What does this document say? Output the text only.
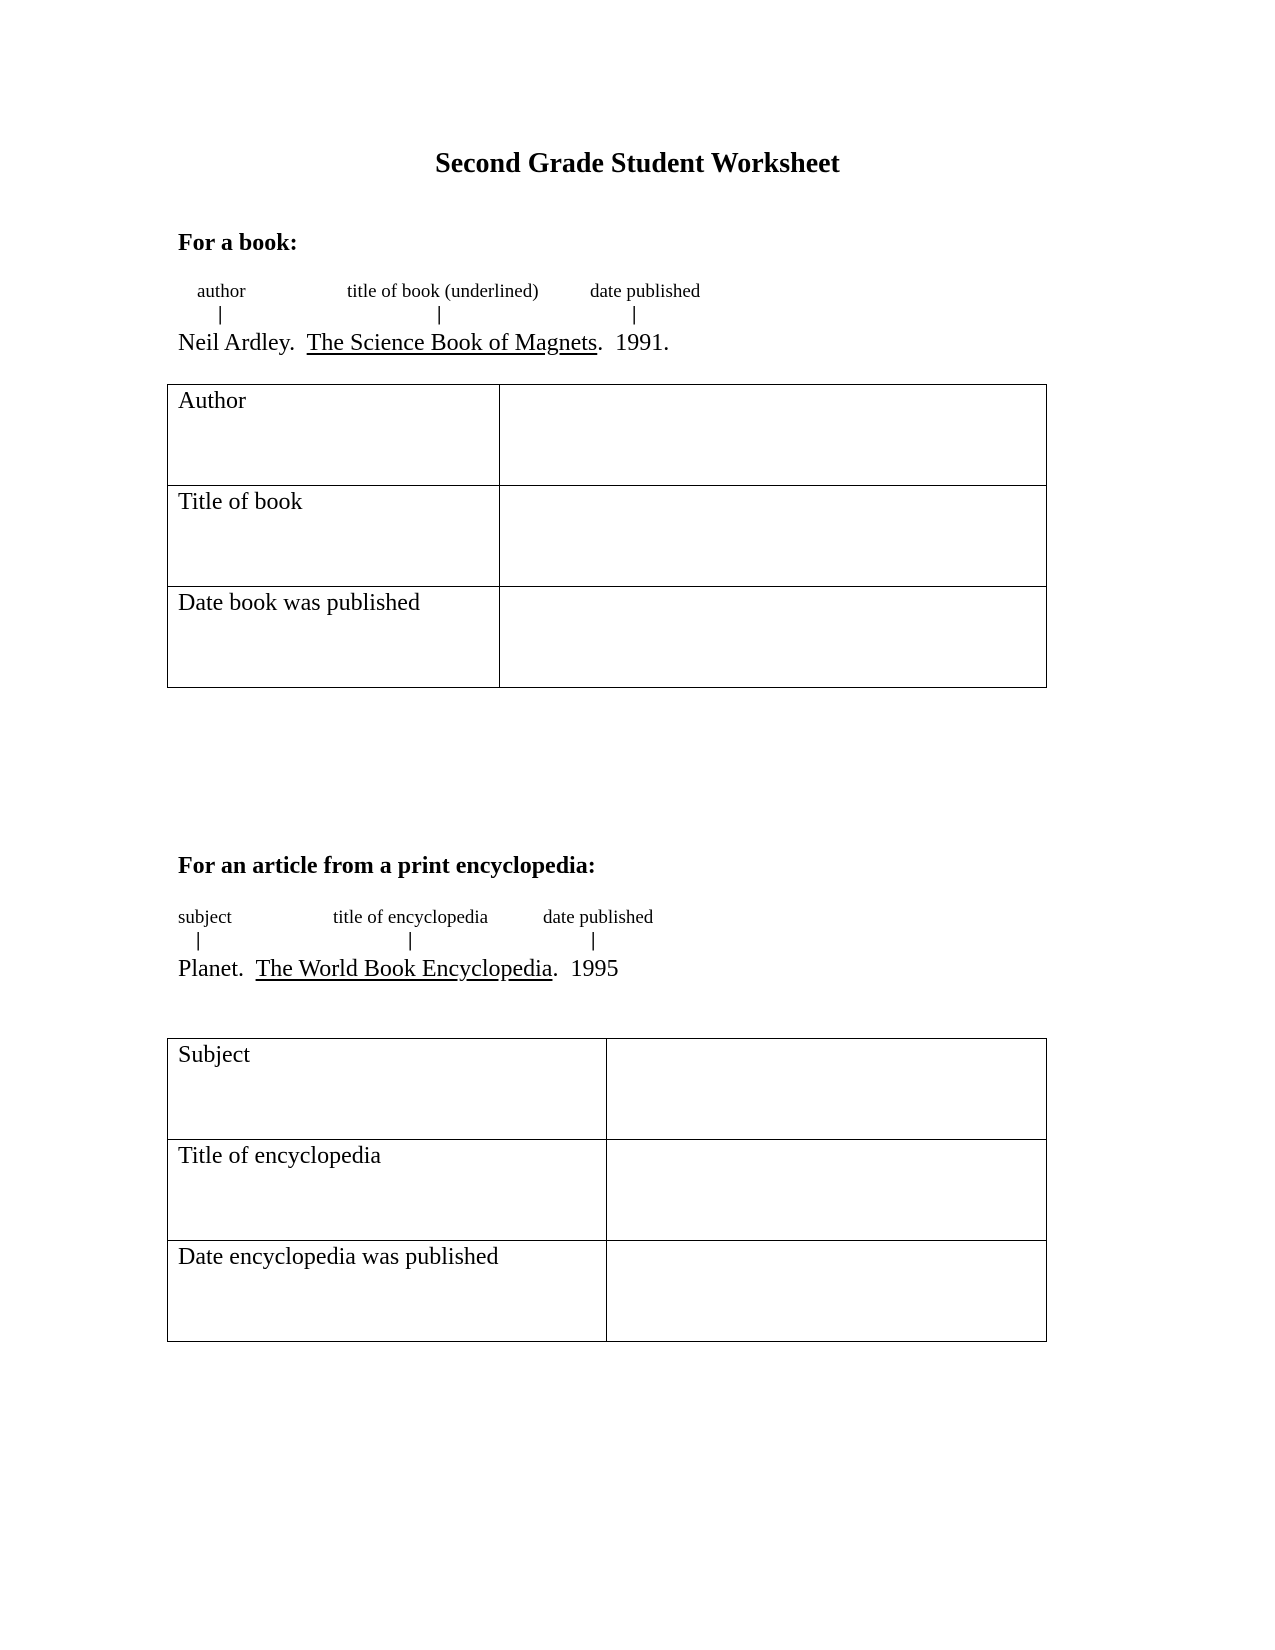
Second Grade Student Worksheet
For a book:
author	title of book (underlined)	date published
|	|	|
Neil Ardley. The Science Book of Magnets. 1991.
Author	
Title of book	
Date book was published	
For an article from a print encyclopedia:
subject	title of encyclopedia	date published
|	|	|
Planet. The World Book Encyclopedia. 1995
Subject	
Title of encyclopedia	
Date encyclopedia was published	
